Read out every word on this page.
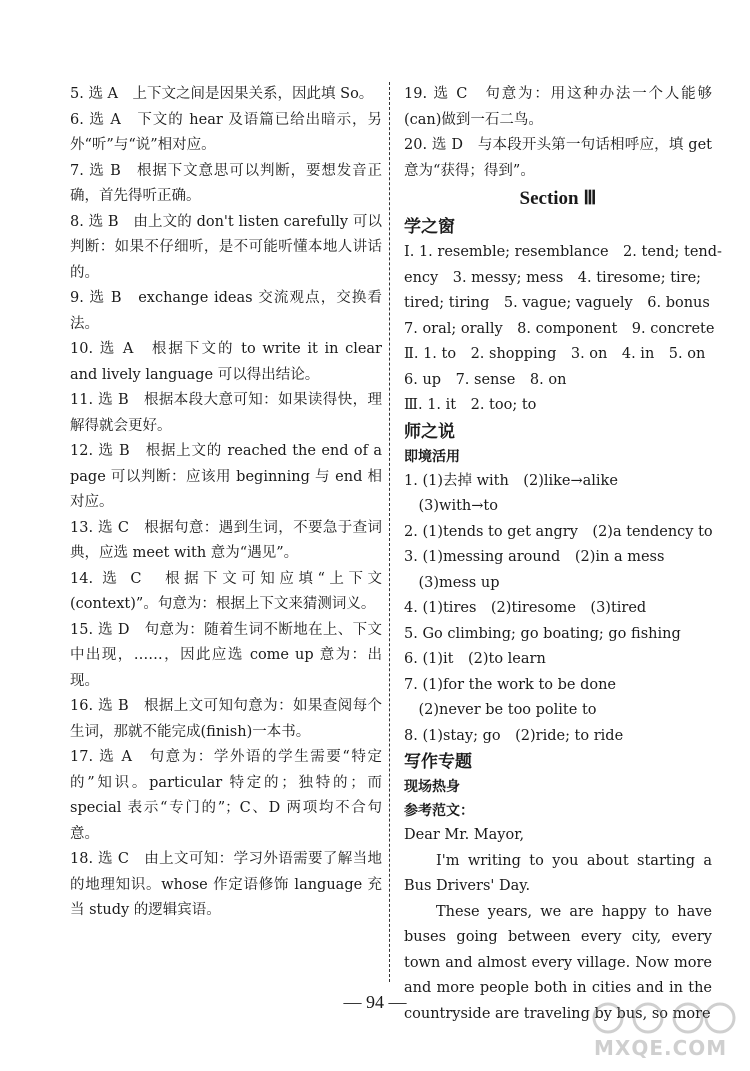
5. 选 A　上下文之间是因果关系，因此填 So。
6. 选 A　下文的 hear 及语篇已给出暗示，另外“听”与“说”相对应。
7. 选 B　根据下文意思可以判断，要想发音正确，首先得听正确。
8. 选 B　由上文的 don't listen carefully 可以判断：如果不仔细听，是不可能听懂本地人讲话的。
9. 选 B　exchange ideas 交流观点，交换看法。
10. 选 A　根据下文的 to write it in clear and lively language 可以得出结论。
11. 选 B　根据本段大意可知：如果读得快，理解得就会更好。
12. 选 B　根据上文的 reached the end of a page 可以判断：应该用 beginning 与 end 相对应。
13. 选 C　根据句意：遇到生词，不要急于查词典，应选 meet with 意为“遇见”。
14. 选 C　根据下文可知应填“上下文(context)”。句意为：根据上下文来猜测词义。
15. 选 D　句意为：随着生词不断地在上、下文中出现，……，因此应选 come up 意为：出现。
16. 选 B　根据上文可知句意为：如果查阅每个生词，那就不能完成(finish)一本书。
17. 选 A　句意为：学外语的学生需要“特定的”知识。particular 特定的；独特的；而 special 表示“专门的”；C、D 两项均不合句意。
18. 选 C　由上文可知：学习外语需要了解当地的地理知识。whose 作定语修饰 language 充当 study 的逻辑宾语。
19. 选 C　句意为：用这种办法一个人能够(can)做到一石二鸟。
20. 选 D　与本段开头第一句话相呼应，填 get 意为“获得；得到”。
Section Ⅲ
学之窗
Ⅰ. 1. resemble; resemblance　2. tend; tend-
ency　3. messy; mess　4. tiresome; tire;
tired; tiring　5. vague; vaguely　6. bonus
7. oral; orally　8. component　9. concrete
Ⅱ. 1. to　2. shopping　3. on　4. in　5. on
6. up　7. sense　8. on
Ⅲ. 1. it　2. too; to
师之说
即境活用
1. (1)去掉 with　(2)like→alike
　(3)with→to
2. (1)tends to get angry　(2)a tendency to
3. (1)messing around　(2)in a mess
　(3)mess up
4. (1)tires　(2)tiresome　(3)tired
5. Go climbing; go boating; go fishing
6. (1)it　(2)to learn
7. (1)for the work to be done
　(2)never be too polite to
8. (1)stay; go　(2)ride; to ride
写作专题
现场热身
参考范文：
Dear Mr. Mayor,
I'm writing to you about starting a Bus Drivers' Day.
These years, we are happy to have buses going between every city, every town and almost every village. Now more and more people both in cities and in the countryside are traveling by bus, so more
— 94 —
MXQE.COM
